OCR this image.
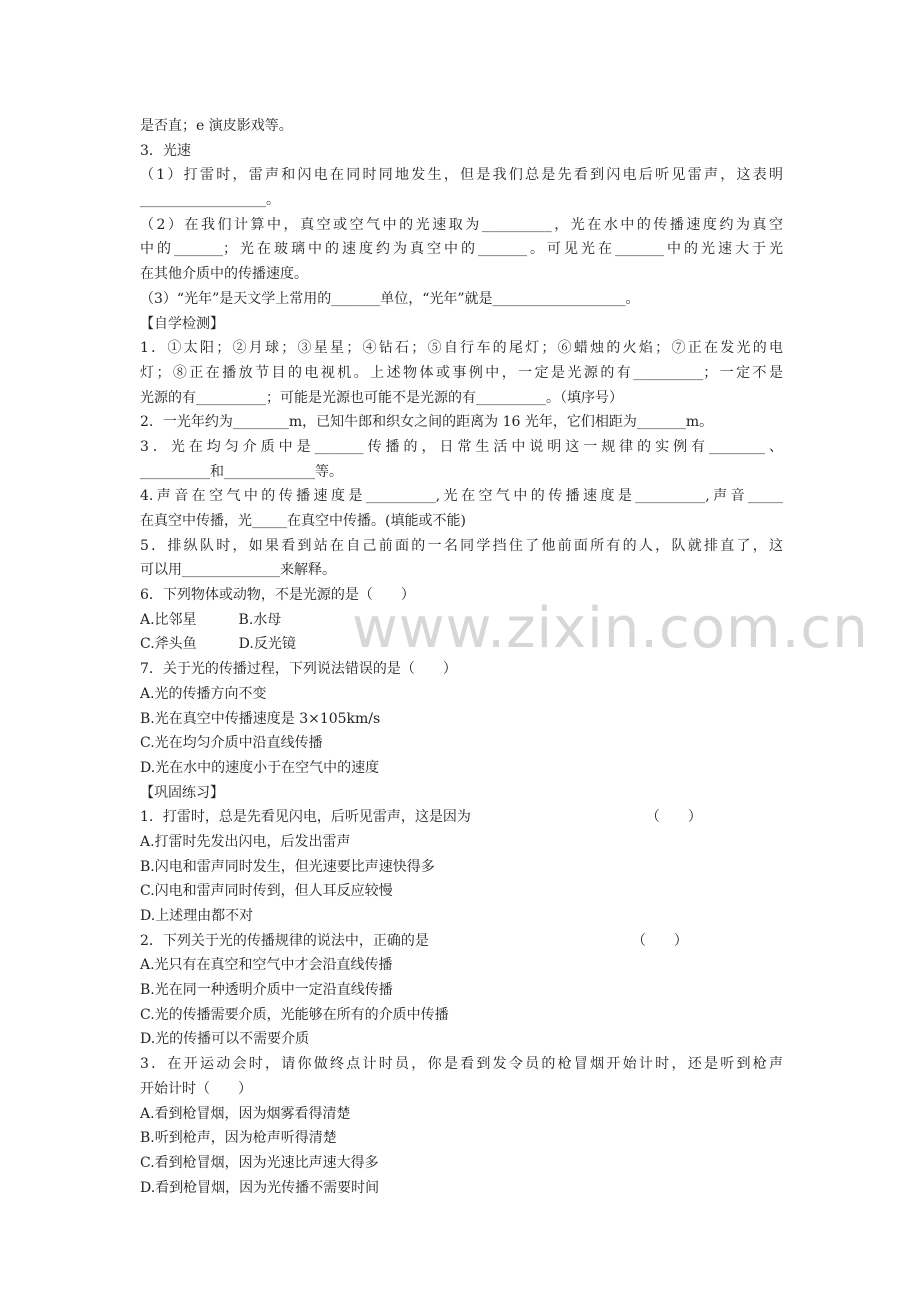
是否直；e 演皮影戏等。
3．光速
（1）打雷时，雷声和闪电在同时同地发生，但是我们总是先看到闪电后听见雷声，这表明
__________________。
（2）在我们计算中，真空或空气中的光速取为__________，光在水中的传播速度约为真空
中的_______；光在玻璃中的速度约为真空中的_______。可见光在_______中的光速大于光
在其他介质中的传播速度。
（3）“光年”是天文学上常用的_______单位，“光年”就是___________________。
【自学检测】
1．①太阳；②月球；③星星；④钻石；⑤自行车的尾灯；⑥蜡烛的火焰；⑦正在发光的电
灯；⑧正在播放节目的电视机。上述物体或事例中，一定是光源的有__________；一定不是
光源的有__________；可能是光源也可能不是光源的有__________。（填序号）
2．一光年约为________m，已知牛郎和织女之间的距离为 16 光年，它们相距为_______m。
3．光在均匀介质中是_______传播的，日常生活中说明这一规律的实例有________、
__________和_____________等。
4.声音在空气中的传播速度是__________,光在空气中的传播速度是__________,声音_____
在真空中传播，光_____在真空中传播。(填能或不能)
5．排纵队时，如果看到站在自己前面的一名同学挡住了他前面所有的人，队就排直了，这
可以用______________来解释。
6．下列物体或动物，不是光源的是（　　）
A.比邻星　　　B.水母
C.斧头鱼　　　D.反光镜
7．关于光的传播过程，下列说法错误的是（　　）
A.光的传播方向不变
B.光在真空中传播速度是 3×105km/s
C.光在均匀介质中沿直线传播
D.光在水中的速度小于在空气中的速度
【巩固练习】
1．打雷时，总是先看见闪电，后听见雷声，这是因为　　　　　　　　　　　　　（　　）
A.打雷时先发出闪电，后发出雷声
B.闪电和雷声同时发生，但光速要比声速快得多
C.闪电和雷声同时传到，但人耳反应较慢
D.上述理由都不对
2．下列关于光的传播规律的说法中，正确的是　　　　　　　　　　　　　　　（　　）
A.光只有在真空和空气中才会沿直线传播
B.光在同一种透明介质中一定沿直线传播
C.光的传播需要介质，光能够在所有的介质中传播
D.光的传播可以不需要介质
3．在开运动会时，请你做终点计时员，你是看到发令员的枪冒烟开始计时，还是听到枪声
开始计时（　　）
A.看到枪冒烟，因为烟雾看得清楚
B.听到枪声，因为枪声听得清楚
C.看到枪冒烟，因为光速比声速大得多
D.看到枪冒烟，因为光传播不需要时间
www.zixin.com.cn
